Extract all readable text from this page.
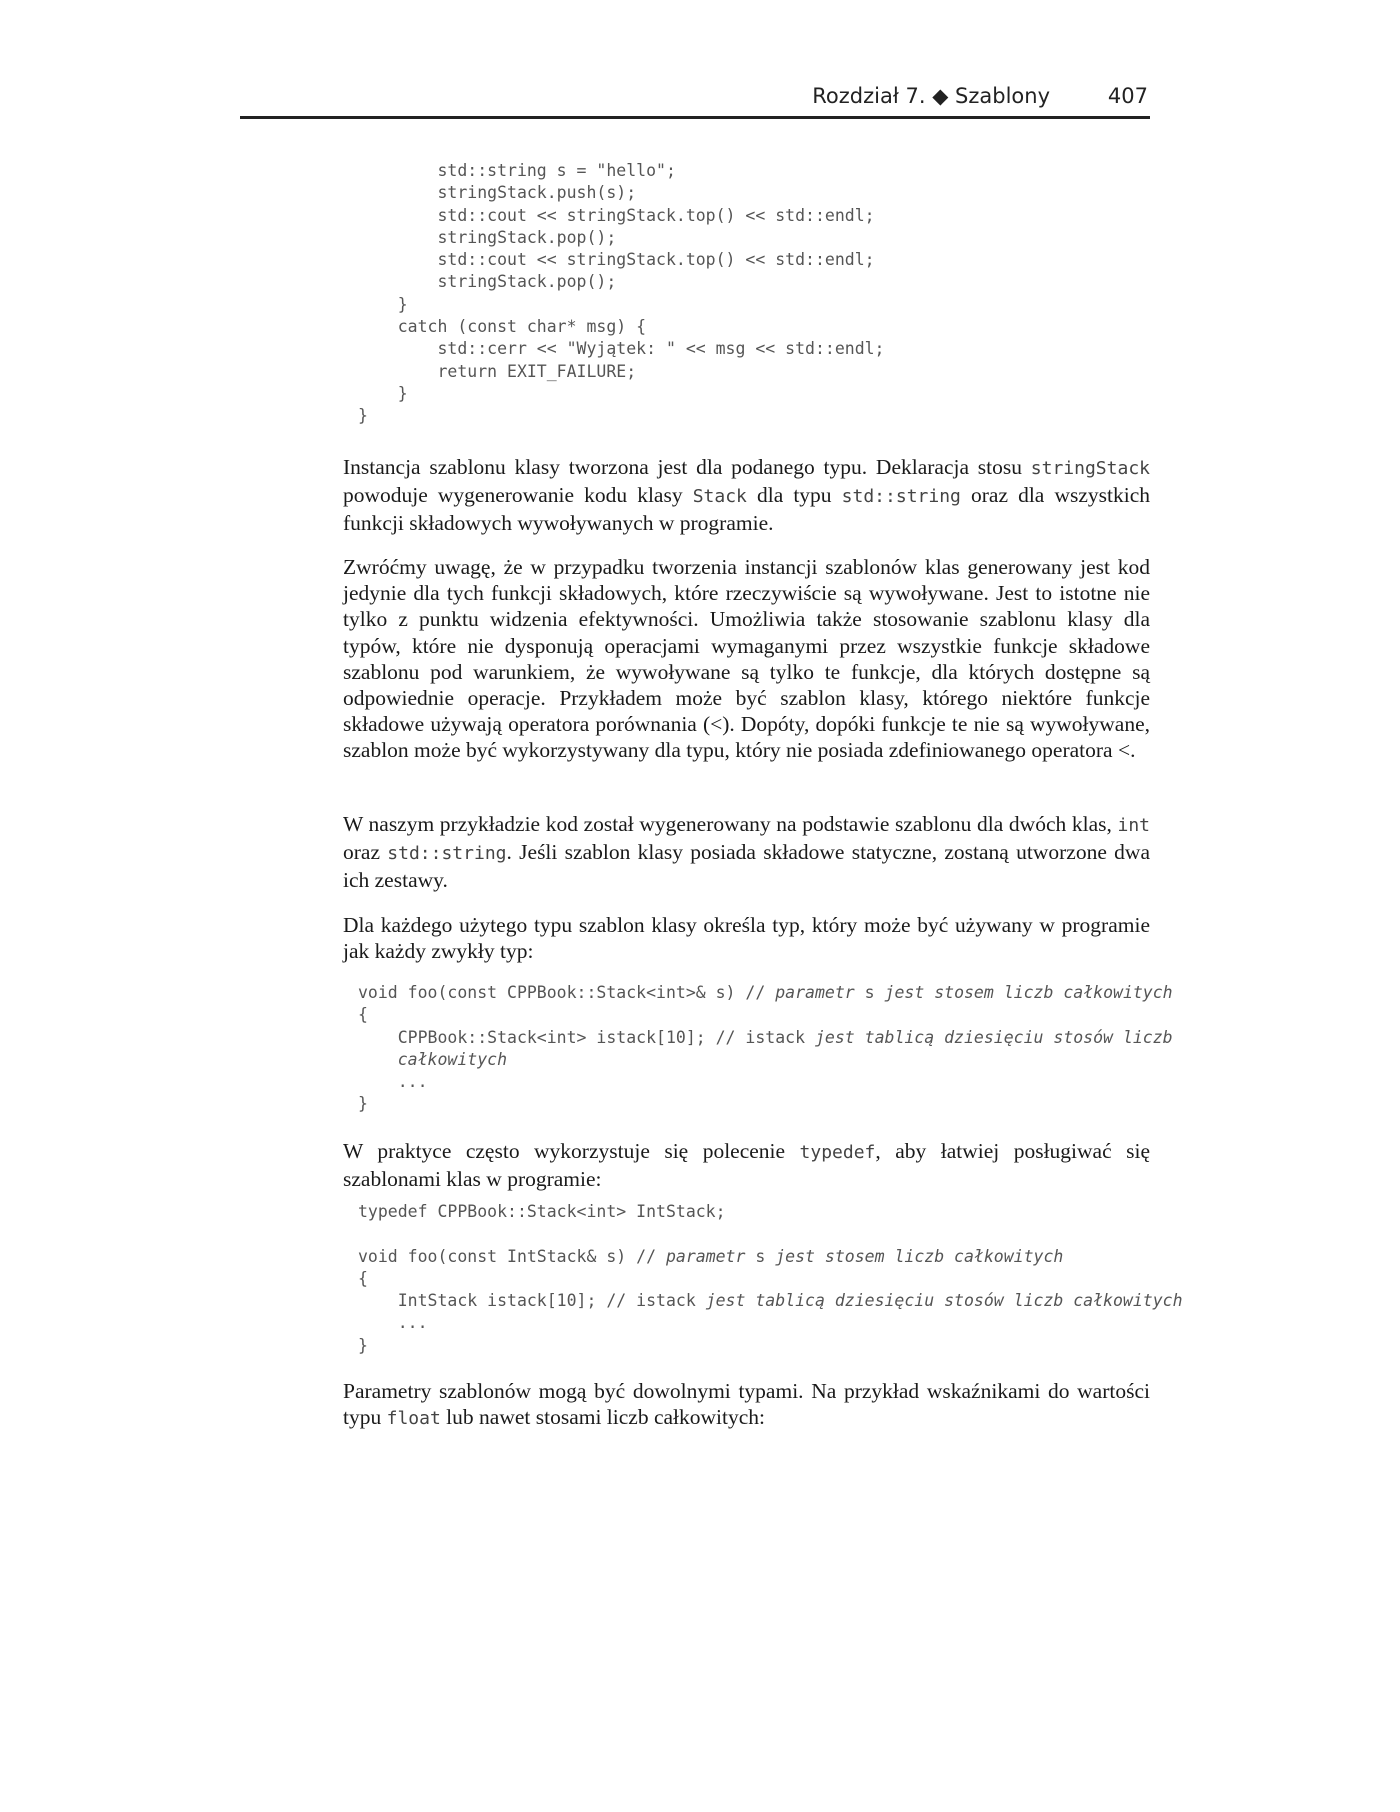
Rozdział 7. ◆ Szablony	407
std::string s = "hello";
stringStack.push(s);
std::cout << stringStack.top() << std::endl;
stringStack.pop();
std::cout << stringStack.top() << std::endl;
stringStack.pop();
}
catch (const char* msg) {
std::cerr << "Wyjątek: " << msg << std::endl;
return EXIT_FAILURE;
}
}

Instancja szablonu klasy tworzona jest dla podanego typu. Deklaracja stosu stringStack powoduje wygenerowanie kodu klasy Stack dla typu std::string oraz dla wszystkich funkcji składowych wywoływanych w programie.

Zwróćmy uwagę, że w przypadku tworzenia instancji szablonów klas generowany jest kod jedynie dla tych funkcji składowych, które rzeczywiście są wywoływane. Jest to istotne nie tylko z punktu widzenia efektywności. Umożliwia także stosowanie szablonu klasy dla typów, które nie dysponują operacjami wymaganymi przez wszystkie funkcje składowe szablonu pod warunkiem, że wywoływane są tylko te funkcje, dla których dostępne są odpowiednie operacje. Przykładem może być szablon klasy, którego niektóre funkcje składowe używają operatora porównania (<). Dopóty, dopóki funkcje te nie są wywoływane, szablon może być wykorzystywany dla typu, który nie posiada zdefiniowanego operatora <.

W naszym przykładzie kod został wygenerowany na podstawie szablonu dla dwóch klas, int oraz std::string. Jeśli szablon klasy posiada składowe statyczne, zostaną utworzone dwa ich zestawy.

Dla każdego użytego typu szablon klasy określa typ, który może być używany w programie jak każdy zwykły typ:

void foo(const CPPBook::Stack<int>& s) // parametr s jest stosem liczb całkowitych
{
CPPBook::Stack<int> istack[10]; // istack jest tablicą dziesięciu stosów liczb
całkowitych
...
}

W praktyce często wykorzystuje się polecenie typedef, aby łatwiej posługiwać się szablonami klas w programie:

typedef CPPBook::Stack<int> IntStack;

void foo(const IntStack& s) // parametr s jest stosem liczb całkowitych
{
IntStack istack[10]; // istack jest tablicą dziesięciu stosów liczb całkowitych
...
}

Parametry szablonów mogą być dowolnymi typami. Na przykład wskaźnikami do wartości typu float lub nawet stosami liczb całkowitych:
